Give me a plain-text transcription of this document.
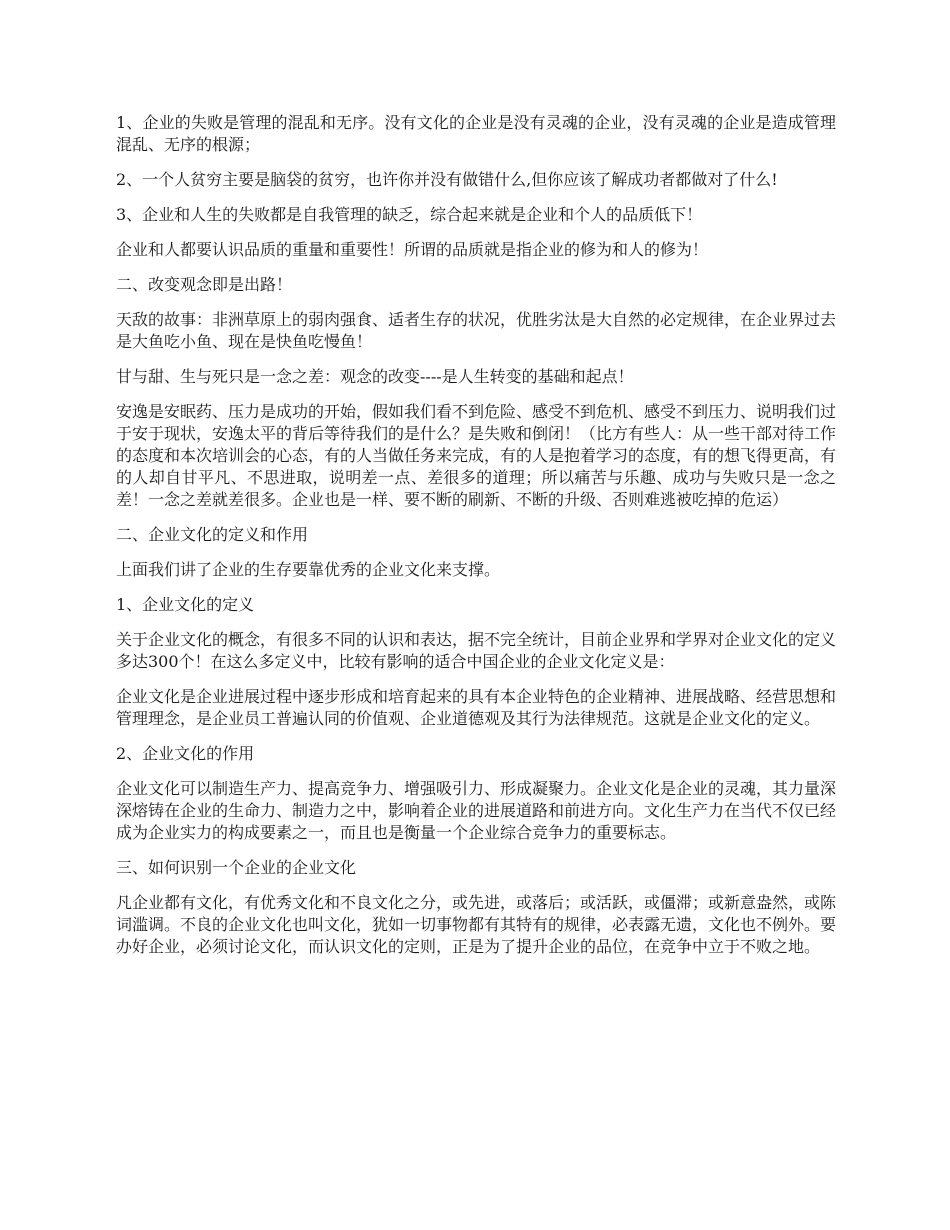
1、企业的失败是管理的混乱和无序。没有文化的企业是没有灵魂的企业，没有灵魂的企业是造成管理混乱、无序的根源；

2、一个人贫穷主要是脑袋的贫穷，也许你并没有做错什么,但你应该了解成功者都做对了什么!

3、企业和人生的失败都是自我管理的缺乏，综合起来就是企业和个人的品质低下！

企业和人都要认识品质的重量和重要性！所谓的品质就是指企业的修为和人的修为！

二、改变观念即是出路！

天敌的故事：非洲草原上的弱肉强食、适者生存的状况，优胜劣汰是大自然的必定规律，在企业界过去是大鱼吃小鱼、现在是快鱼吃慢鱼！

甘与甜、生与死只是一念之差：观念的改变----是人生转变的基础和起点！

安逸是安眠药、压力是成功的开始，假如我们看不到危险、感受不到危机、感受不到压力、说明我们过于安于现状，安逸太平的背后等待我们的是什么？是失败和倒闭！（比方有些人：从一些干部对待工作的态度和本次培训会的心态，有的人当做任务来完成，有的人是抱着学习的态度，有的想飞得更高，有的人却自甘平凡、不思进取，说明差一点、差很多的道理；所以痛苦与乐趣、成功与失败只是一念之差！一念之差就差很多。企业也是一样、要不断的刷新、不断的升级、否则难逃被吃掉的危运）

二、企业文化的定义和作用

上面我们讲了企业的生存要靠优秀的企业文化来支撑。

1、企业文化的定义

关于企业文化的概念，有很多不同的认识和表达，据不完全统计，目前企业界和学界对企业文化的定义多达300个！在这么多定义中，比较有影响的适合中国企业的企业文化定义是：

企业文化是企业进展过程中逐步形成和培育起来的具有本企业特色的企业精神、进展战略、经营思想和管理理念，是企业员工普遍认同的价值观、企业道德观及其行为法律规范。这就是企业文化的定义。

2、企业文化的作用

企业文化可以制造生产力、提高竞争力、增强吸引力、形成凝聚力。企业文化是企业的灵魂，其力量深深熔铸在企业的生命力、制造力之中，影响着企业的进展道路和前进方向。文化生产力在当代不仅已经成为企业实力的构成要素之一，而且也是衡量一个企业综合竞争力的重要标志。

三、如何识别一个企业的企业文化

凡企业都有文化，有优秀文化和不良文化之分，或先进，或落后；或活跃，或僵滞；或新意盎然，或陈词滥调。不良的企业文化也叫文化，犹如一切事物都有其特有的规律，必表露无遗，文化也不例外。要办好企业，必须讨论文化，而认识文化的定则，正是为了提升企业的品位，在竞争中立于不败之地。
